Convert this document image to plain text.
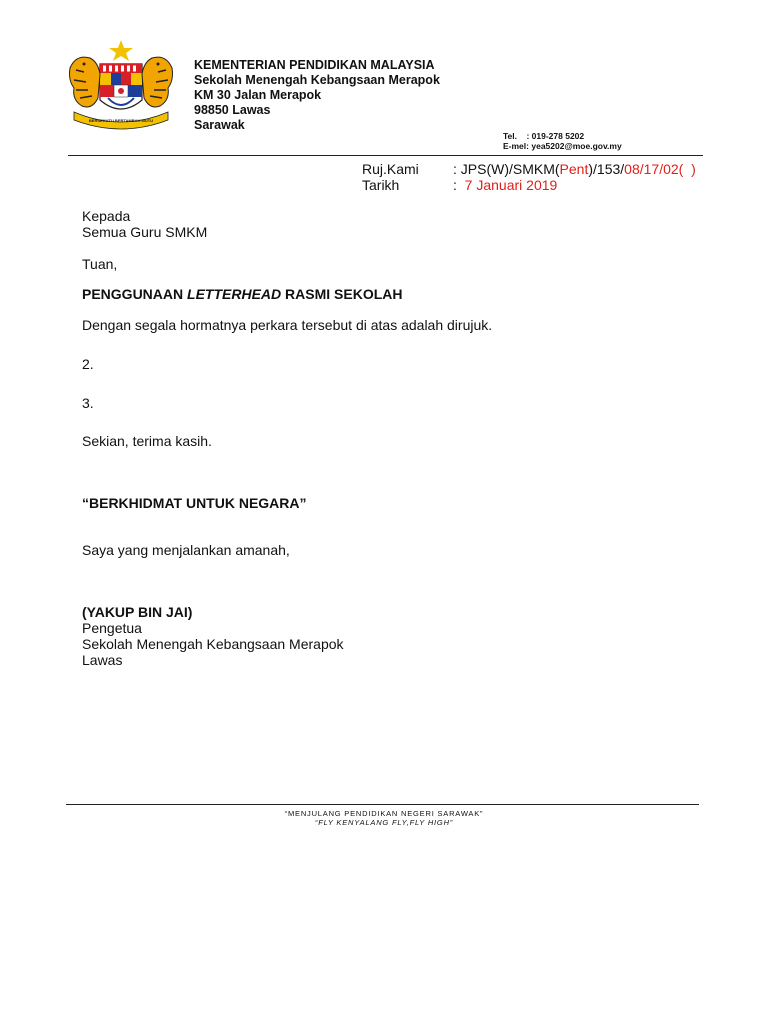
BERSEKUTU BERTAMBAH MUTU
KEMENTERIAN PENDIDIKAN MALAYSIA
Sekolah Menengah Kebangsaan Merapok
KM 30 Jalan Merapok
98850 Lawas
Sarawak
Tel. : 019-278 5202
E-mel: yea5202@moe.gov.my
Ruj.Kami : JPS(W)/SMKM(Pent)/153/08/17/02( )
Tarikh	: 7 Januari 2019
Kepada
Semua Guru SMKM
Tuan,
PENGGUNAAN LETTERHEAD RASMI SEKOLAH
Dengan segala hormatnya perkara tersebut di atas adalah dirujuk.
2.
3.
Sekian, terima kasih.
“BERKHIDMAT UNTUK NEGARA”
Saya yang menjalankan amanah,
(YAKUP BIN JAI)
Pengetua
Sekolah Menengah Kebangsaan Merapok
Lawas
“MENJULANG PENDIDIKAN NEGERI SARAWAK”
“FLY KENYALANG FLY,FLY HIGH”
